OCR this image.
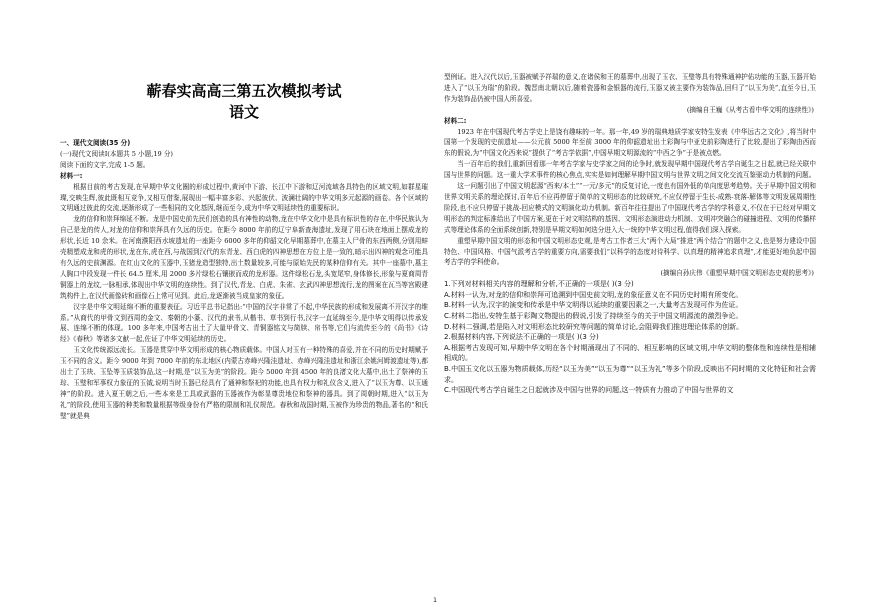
蕲春实高高三第五次模拟考试
语文

一、现代文阅读(35 分)

(一)现代文阅读Ⅰ(本题共 5 小题,19 分)

阅读下面的文字,完成 1-5 题。

材料一:

根据目前的考古发现,在早期中华文化圈的形成过程中,黄河中下游、长江中下游和辽河流域各具特色的区域文明,如群星璀璨,交映生辉,彼此既相互竞争,又相互借鉴,展现出一幅丰富多彩、兴起彼伏、波澜壮阔的中华文明多元起源的画卷。各个区域的文明通过彼此的交流,逐渐形成了一些相同的文化基因,继而至今,成为中华文明延续性的重要标识。

龙的信仰和崇拜绵延不断。龙是中国史前先民们创造的具有神性的动物,龙在中华文化中是具有标识性的存在,中华民族认为自己是龙的传人,对龙的信仰和崇拜具有久远的历史。在距今 8000 年前的辽宁阜新查海遗址,发现了用石块在地面上摆成龙的形状,长近 10 余米。在河南濮阳西水坡遗址的一座距今 6000 多年的仰韶文化早期墓葬中,在墓主人尸骨的东西两侧,分别用蚌壳精塑成龙和虎的形状,龙在东,虎在西,与战国到汉代的东青龙、西白虎的四神思想在方位上是一致的,暗示出四神的观念可能具有久远的史前渊源。在红山文化的玉器中,玉猪龙造型独特,出土数量较多,可能与原始先民的某种信仰有关。其中一座墓中,墓主人胸口中段发现一件长 64.5 厘米,用 2000 多片绿松石镶嵌而成的龙形器。这件绿松石龙,头宽尾窄,身体修长,形象与夏商周青铜器上的龙纹,一脉相承,体现出中华文明的连续性。到了汉代,青龙、白虎、朱雀、玄武四神思想流行,龙的图案在瓦当等宫殿建筑构件上,在汉代画像砖和画像石上常可见到。此后,龙逐渐被当成皇家的象征。

汉字是中华文明延绵不断的重要表征。习近平总书记指出:“中国的汉字非常了不起,中华民族的形成和发展离不开汉字的维系。”从商代的甲骨文到西周的金文、秦朝的小篆、汉代的隶书,从楷书、草书到行书,汉字一直延绵至今,是中华文明得以传承发展、连绵不断的体现。100 多年来,中国考古出土了大量甲骨文、青铜器铭文与简牍、帛书等,它们与流传至今的《尚书》《诗经》《春秋》等诸多文献一起,佐证了中华文明延续的历史。

玉文化传统源远流长。玉器是贯穿中华文明形成的核心物质载体。中国人对玉有一种特殊的喜爱,并在不同的历史时期赋予玉不同的含义。距今 9000 年到 7000 年前的东北地区(内蒙古赤峰兴隆洼遗址、赤峰兴隆洼遗址和浙江余姚河姆渡遗址等),都出土了玉玦、玉坠等玉质装饰品,这一时期,是“以玉为美”的阶段。距今 5000 年到 4500 年的良渚文化大墓中,出土了祭神的玉琮、玉璧和军事权力象征的玉钺,说明当时玉器已经具有了通神和祭祀的功能,也具有权力和礼仪含义,进入了“以玉为尊、以玉通神”的阶段。进入夏王朝之后,一些本来是工具或武器的玉器被作为彰显尊贵地位和祭神的器具。到了周朝时期,进入“以玉为礼”的阶段,使用玉器的种类和数量根据等级身份有严格的限制和礼仪规范。春秋和战国时期,玉被作为珍贵的物品,著名的“和氏璧”就是典

型例证。进入汉代以后,玉器被赋予祥瑞的意义,在诸侯和王的墓葬中,出现了玉衣、玉璧等具有特殊通神护佑功能的玉器,玉器开始进入了“以玉为瑞”的阶段。魏晋南北朝以后,随着瓷器和金银器的流行,玉器又被主要作为装饰品,回归了“以玉为美”,直至今日,玉作为装饰品仍被中国人所喜爱。

(摘编自王巍《从考古看中华文明的连续性》)

材料二:

1923 年在中国现代考古学史上是饶有趣味的一年。那一年,49 岁的瑞典地质学家安特生发表《中华远古之文化》,将当时中国第一个发现的史前遗址——公元前 5000 年至前 3000 年的仰韶遗址出土彩陶与中亚史前彩陶进行了比较,提出了彩陶由西而东的假说,为“中国文化西来说”提供了“考古学依据”,中国早期文明源流的“中西之争”于是被点燃。

当一百年后的我们,重新回看那一年考古学家与史学家之间的论争时,就发现早期中国现代考古学自诞生之日起,就已经关联中国与世界的问题。这一重大学术事件的核心焦点,实实是如何理解早期中国文明与世界文明之间文化交流互鉴驱动力机制的问题。

这一问题引出了中国文明起源“西来/本土”“一元/多元”的反复讨论,一度也有国外低的单向度思考趋势。关于早期中国文明和世界文明关系的理论探讨,百年后不应再停留于简单的文明形态的比较研究,不应仅停留于生长-成熟-衰落-解体等文明发展周期性阶段,也不应只停留于挑战-回应模式的文明演化动力机制。新百年往往提出了中国现代考古学的学科意义,不仅在于已经对早期文明形态的判定标准给出了中国方案,更在于对文明结构的基因、文明形态演进动力机制、文明冲突融合的碰撞进程、文明的传播样式等理论体系的全面系统创新,特别是早期文明如何迭分进入大一统的中华文明过程,值得我们深入探索。

重塑早期中国文明的形态和中国文明形态史观,是考古工作者三大“两个大局”推进“两个结合”的题中之义,也是努力建设中国特色、中国风格、中国气派考古学的重要方向,需要我们“以科学的态度对待科学、以真理的精神追求真理”,才能更好地负起中国考古学的学科使命。

(摘编自孙庆伟《重塑早期中国文明形态史观的思考》)

1.下列对材料相关内容的理解和分析,不正确的一项是( )(3 分)

A.材料一认为,对龙的信仰和崇拜可追溯到中国史前文明,龙的象征意义在不同历史时期有所变化。

B.材料一认为,汉字的演变和传承是中华文明得以延续的重要因素之一,大量考古发现可作为佐证。

C.材料二指出,安特生基于彩陶文物提出的假说,引发了持续至今的关于中国文明源流的激烈争论。

D.材料二强调,若是陷入对文明形态比较研究等问题的简单讨论,会阻碍我们推进理论体系的创新。

2.根据材料内容,下列说法不正确的一项是( )(3 分)

A.根据考古发现可知,早期中华文明在各个时期涌现出了不同的、相互影响的区域文明,中华文明的整体性和连续性是相辅相成的。

B.中国玉文化以玉器为物质载体,历经“以玉为美”“以玉为尊”“以玉为礼”等多个阶段,反映出不同时期的文化特征和社会需求。

C.中国现代考古学自诞生之日起就涉及中国与世界的问题,这一特质有力推动了中国与世界的文

1
